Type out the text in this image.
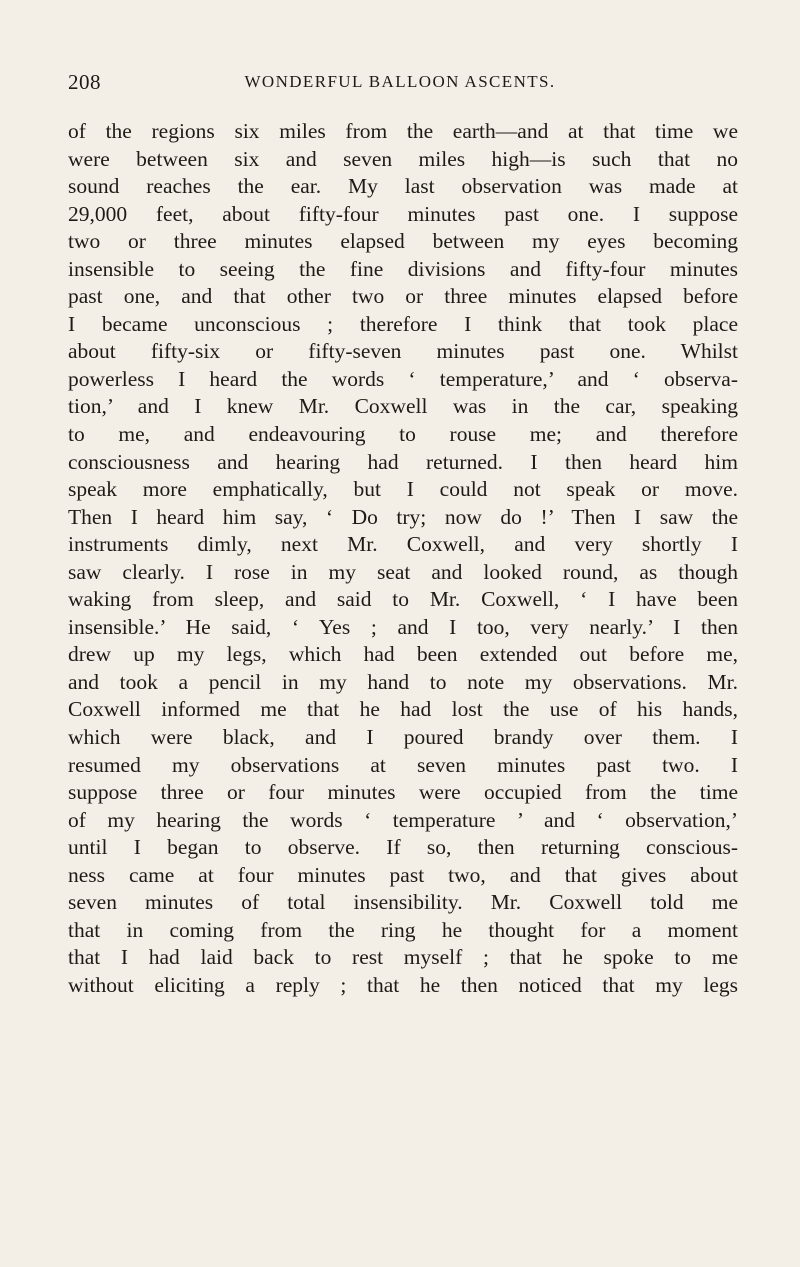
208	WONDERFUL BALLOON ASCENTS.
of the regions six miles from the earth—and at that time we
were between six and seven miles high—is such that no
sound reaches the ear. My last observation was made at
29,000 feet, about fifty-four minutes past one. I suppose
two or three minutes elapsed between my eyes becoming
insensible to seeing the fine divisions and fifty-four minutes
past one, and that other two or three minutes elapsed before
I became unconscious ; therefore I think that took place
about fifty-six or fifty-seven minutes past one. Whilst
powerless I heard the words ‘ temperature,’ and ‘ observa-
tion,’ and I knew Mr. Coxwell was in the car, speaking
to me, and endeavouring to rouse me; and therefore
consciousness and hearing had returned. I then heard him
speak more emphatically, but I could not speak or move.
Then I heard him say, ‘ Do try; now do !’ Then I saw the
instruments dimly, next Mr. Coxwell, and very shortly I
saw clearly. I rose in my seat and looked round, as though
waking from sleep, and said to Mr. Coxwell, ‘ I have been
insensible.’ He said, ‘ Yes ; and I too, very nearly.’ I then
drew up my legs, which had been extended out before me,
and took a pencil in my hand to note my observations. Mr.
Coxwell informed me that he had lost the use of his hands,
which were black, and I poured brandy over them. I
resumed my observations at seven minutes past two. I
suppose three or four minutes were occupied from the time
of my hearing the words ‘ temperature ’ and ‘ observation,’
until I began to observe. If so, then returning conscious-
ness came at four minutes past two, and that gives about
seven minutes of total insensibility. Mr. Coxwell told me
that in coming from the ring he thought for a moment
that I had laid back to rest myself ; that he spoke to me
without eliciting a reply ; that he then noticed that my legs
